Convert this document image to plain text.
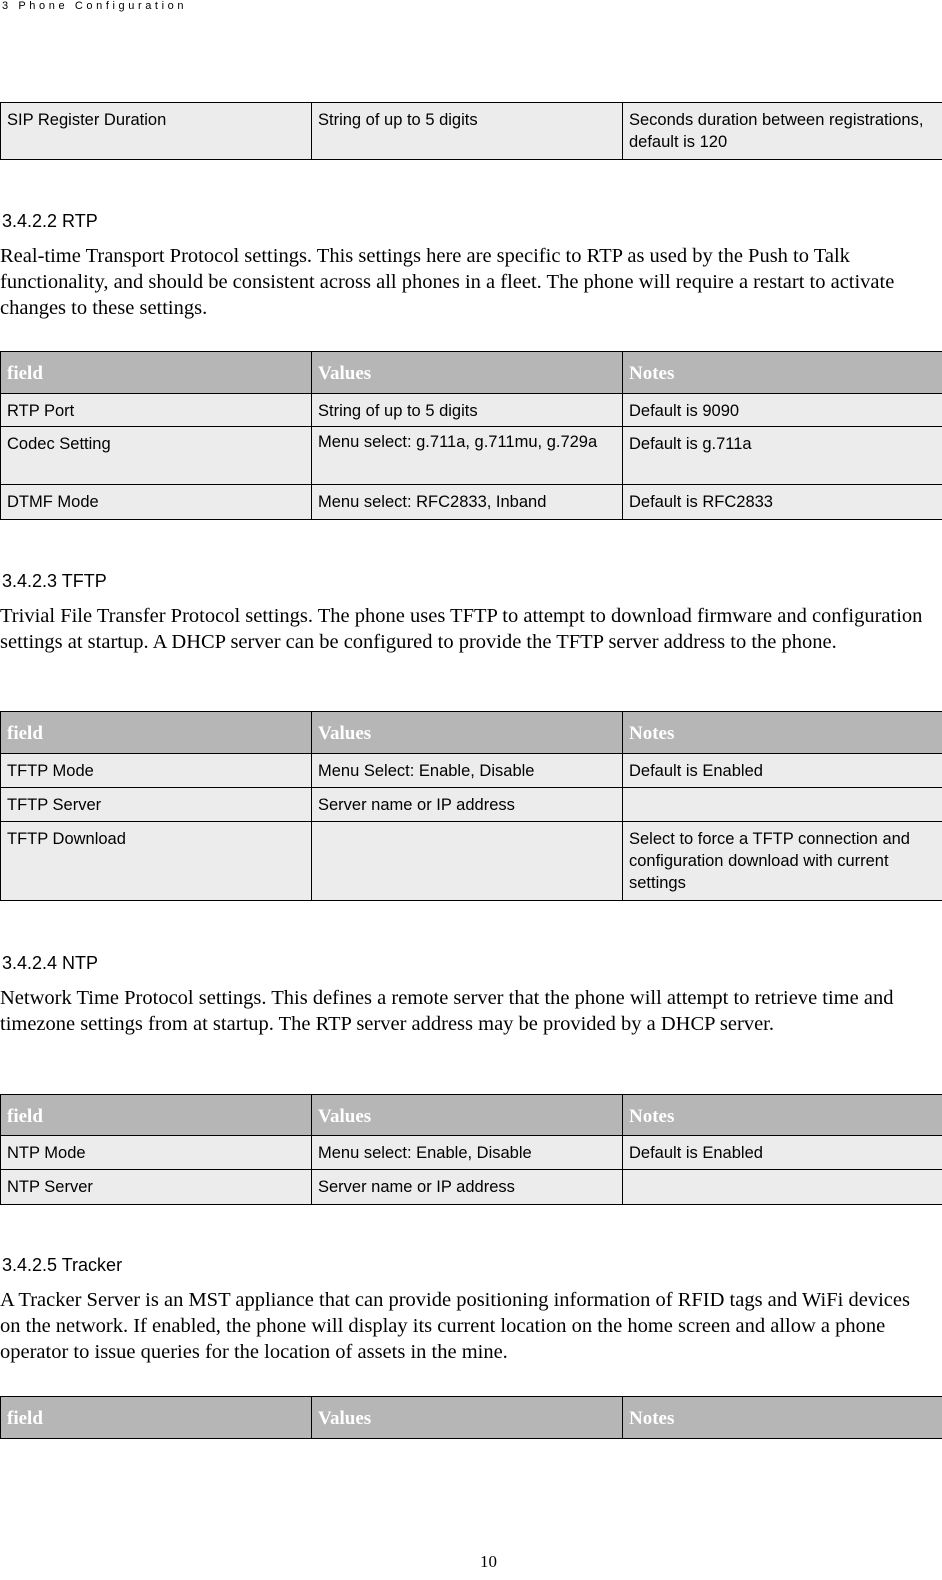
3 Phone Configuration
SIP Register Duration	String of up to 5 digits	Seconds duration between registrations, default is 120
3.4.2.2 RTP
Real-time Transport Protocol settings. This settings here are specific to RTP as used by the Push to Talk functionality, and should be consistent across all phones in a fleet. The phone will require a restart to activate changes to these settings.
field	Values	Notes
RTP Port	String of up to 5 digits	Default is 9090
Codec Setting	Menu select: g.711a, g.711mu, g.729a	Default is g.711a
DTMF Mode	Menu select: RFC2833, Inband	Default is RFC2833
3.4.2.3 TFTP
Trivial File Transfer Protocol settings. The phone uses TFTP to attempt to download firmware and configuration settings at startup. A DHCP server can be configured to provide the TFTP server address to the phone.
field	Values	Notes
TFTP Mode	Menu Select: Enable, Disable	Default is Enabled
TFTP Server	Server name or IP address	
TFTP Download		Select to force a TFTP connection and configuration download with current settings
3.4.2.4 NTP
Network Time Protocol settings. This defines a remote server that the phone will attempt to retrieve time and timezone settings from at startup. The RTP server address may be provided by a DHCP server.
field	Values	Notes
NTP Mode	Menu select: Enable, Disable	Default is Enabled
NTP Server	Server name or IP address	
3.4.2.5 Tracker
A Tracker Server is an MST appliance that can provide positioning information of RFID tags and WiFi devices on the network. If enabled, the phone will display its current location on the home screen and allow a phone operator to issue queries for the location of assets in the mine.
field	Values	Notes
10
